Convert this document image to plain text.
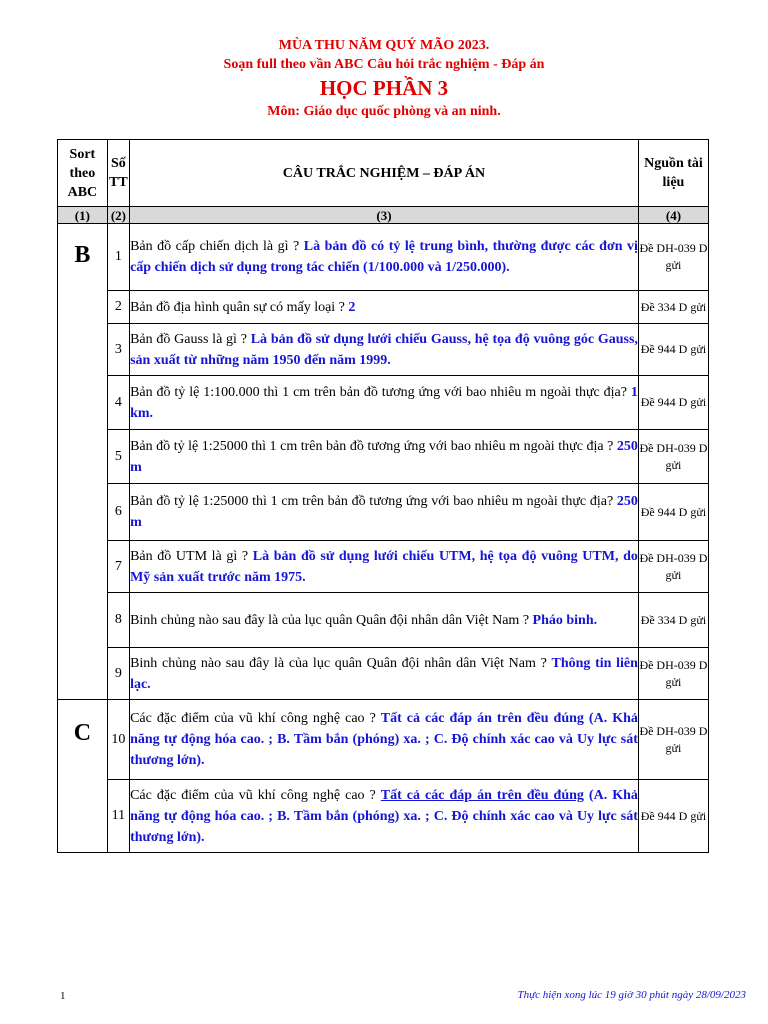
MÙA THU NĂM QUÝ MÃO 2023.
Soạn full theo vần ABC Câu hỏi trắc nghiệm - Đáp án
HỌC PHẦN 3
Môn: Giáo dục quốc phòng và an ninh.
Sort theo ABC	Số TT	CÂU TRẮC NGHIỆM – ĐÁP ÁN	Nguồn tài liệu
(1)	(2)	(3)	(4)

B	1	Bản đồ cấp chiến dịch là gì ? Là bản đồ có tỷ lệ trung bình, thường được các đơn vị cấp chiến dịch sử dụng trong tác chiến (1/100.000 và 1/250.000).	Đề DH-039 D gửi
	2	Bản đồ địa hình quân sự có mấy loại ? 2	Đề 334 D gửi
	3	Bản đồ Gauss là gì ? Là bản đồ sử dụng lưới chiếu Gauss, hệ tọa độ vuông góc Gauss, sản xuất từ những năm 1950 đến năm 1999.	Đề 944 D gửi
	4	Bản đồ tỷ lệ 1:100.000 thì 1 cm trên bản đồ tương ứng với bao nhiêu m ngoài thực địa? 1 km.	Đề 944 D gửi
	5	Bản đồ tỷ lệ 1:25000 thì 1 cm trên bản đồ tương ứng với bao nhiêu m ngoài thực địa ? 250 m	Đề DH-039 D gửi
	6	Bản đồ tỷ lệ 1:25000 thì 1 cm trên bản đồ tương ứng với bao nhiêu m ngoài thực địa? 250 m	Đề 944 D gửi
	7	Bản đồ UTM là gì ? Là bản đồ sử dụng lưới chiếu UTM, hệ tọa độ vuông UTM, do Mỹ sản xuất trước năm 1975.	Đề DH-039 D gửi
	8	Binh chủng nào sau đây là của lục quân Quân đội nhân dân Việt Nam ? Pháo binh.	Đề 334 D gửi
	9	Binh chủng nào sau đây là của lục quân Quân đội nhân dân Việt Nam ? Thông tin liên lạc.	Đề DH-039 D gửi

C	10	Các đặc điểm của vũ khí công nghệ cao ? Tất cả các đáp án trên đều đúng (A. Khả năng tự động hóa cao. ; B. Tầm bắn (phóng) xa. ; C. Độ chính xác cao và Uy lực sát thương lớn).	Đề DH-039 D gửi
	11	Các đặc điểm của vũ khí công nghệ cao ? Tất cả các đáp án trên đều đúng (A. Khả năng tự động hóa cao. ; B. Tầm bắn (phóng) xa. ; C. Độ chính xác cao và Uy lực sát thương lớn).	Đề 944 D gửi
1	Thực hiện xong lúc 19 giờ 30 phút ngày 28/09/2023
